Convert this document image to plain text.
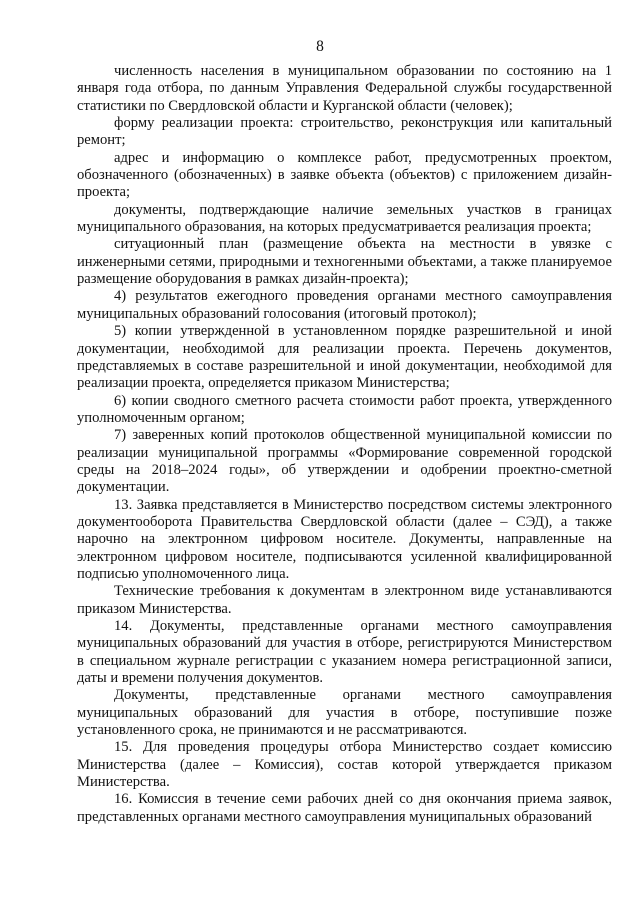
8

численность населения в муниципальном образовании по состоянию на 1 января года отбора, по данным Управления Федеральной службы государственной статистики по Свердловской области и Курганской области (человек);

форму реализации проекта: строительство, реконструкция или капитальный ремонт;

адрес и информацию о комплексе работ, предусмотренных проектом, обозначенного (обозначенных) в заявке объекта (объектов) с приложением дизайн-проекта;

документы, подтверждающие наличие земельных участков в границах муниципального образования, на которых предусматривается реализация проекта;

ситуационный план (размещение объекта на местности в увязке с инженерными сетями, природными и техногенными объектами, а также планируемое размещение оборудования в рамках дизайн-проекта);

4) результатов ежегодного проведения органами местного самоуправления муниципальных образований голосования (итоговый протокол);

5) копии утвержденной в установленном порядке разрешительной и иной документации, необходимой для реализации проекта. Перечень документов, представляемых в составе разрешительной и иной документации, необходимой для реализации проекта, определяется приказом Министерства;

6) копии сводного сметного расчета стоимости работ проекта, утвержденного уполномоченным органом;

7) заверенных копий протоколов общественной муниципальной комиссии по реализации муниципальной программы «Формирование современной городской среды на 2018–2024 годы», об утверждении и одобрении проектно-сметной документации.

13. Заявка представляется в Министерство посредством системы электронного документооборота Правительства Свердловской области (далее – СЭД), а также нарочно на электронном цифровом носителе. Документы, направленные на электронном цифровом носителе, подписываются усиленной квалифицированной подписью уполномоченного лица.

Технические требования к документам в электронном виде устанавливаются приказом Министерства.

14. Документы, представленные органами местного самоуправления муниципальных образований для участия в отборе, регистрируются Министерством в специальном журнале регистрации с указанием номера регистрационной записи, даты и времени получения документов.

Документы, представленные органами местного самоуправления муниципальных образований для участия в отборе, поступившие позже установленного срока, не принимаются и не рассматриваются.

15. Для проведения процедуры отбора Министерство создает комиссию Министерства (далее – Комиссия), состав которой утверждается приказом Министерства.

16. Комиссия в течение семи рабочих дней со дня окончания приема заявок, представленных органами местного самоуправления муниципальных образований
